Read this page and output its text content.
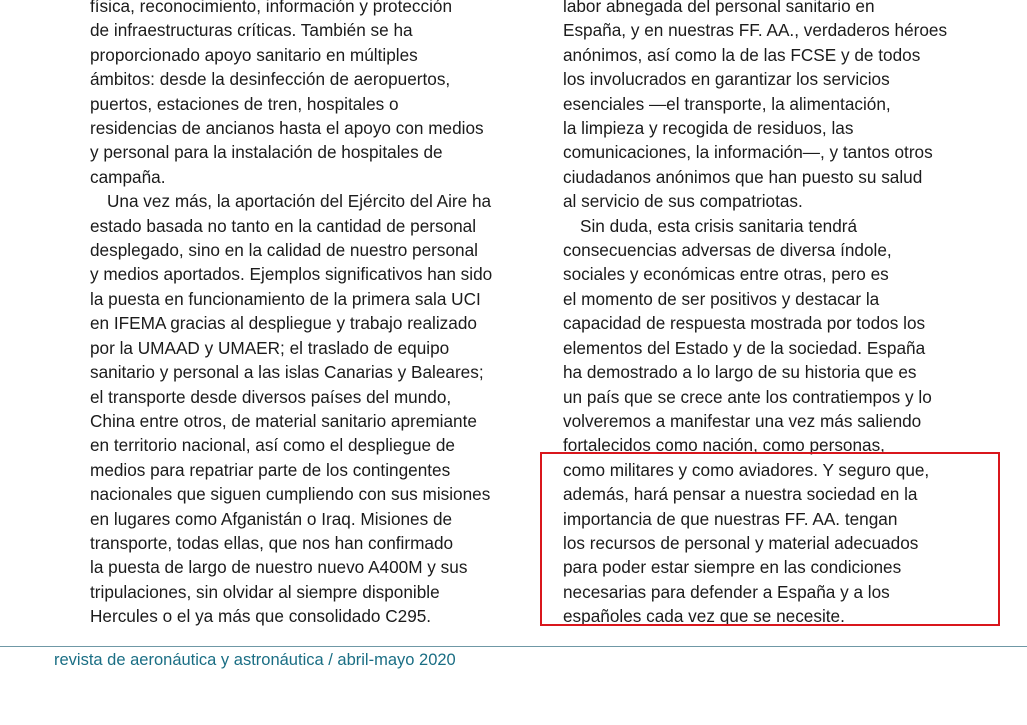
física, reconocimiento, información y protección
de infraestructuras críticas. También se ha
proporcionado apoyo sanitario en múltiples
ámbitos: desde la desinfección de aeropuertos,
puertos, estaciones de tren, hospitales o
residencias de ancianos hasta el apoyo con medios
y personal para la instalación de hospitales de
campaña.
Una vez más, la aportación del Ejército del Aire ha
estado basada no tanto en la cantidad de personal
desplegado, sino en la calidad de nuestro personal
y medios aportados. Ejemplos significativos han sido
la puesta en funcionamiento de la primera sala UCI
en IFEMA gracias al despliegue y trabajo realizado
por la UMAAD y UMAER; el traslado de equipo
sanitario y personal a las islas Canarias y Baleares;
el transporte desde diversos países del mundo,
China entre otros, de material sanitario apremiante
en territorio nacional, así como el despliegue de
medios para repatriar parte de los contingentes
nacionales que siguen cumpliendo con sus misiones
en lugares como Afganistán o Iraq. Misiones de
transporte, todas ellas, que nos han confirmado
la puesta de largo de nuestro nuevo A400M y sus
tripulaciones, sin olvidar al siempre disponible
Hercules o el ya más que consolidado C295.
labor abnegada del personal sanitario en
España, y en nuestras FF. AA., verdaderos héroes
anónimos, así como la de las FCSE y de todos
los involucrados en garantizar los servicios
esenciales —el transporte, la alimentación,
la limpieza y recogida de residuos, las
comunicaciones, la información—, y tantos otros
ciudadanos anónimos que han puesto su salud
al servicio de sus compatriotas.
Sin duda, esta crisis sanitaria tendrá
consecuencias adversas de diversa índole,
sociales y económicas entre otras, pero es
el momento de ser positivos y destacar la
capacidad de respuesta mostrada por todos los
elementos del Estado y de la sociedad. España
ha demostrado a lo largo de su historia que es
un país que se crece ante los contratiempos y lo
volveremos a manifestar una vez más saliendo
fortalecidos como nación, como personas,
como militares y como aviadores. Y seguro que,
además, hará pensar a nuestra sociedad en la
importancia de que nuestras FF. AA. tengan
los recursos de personal y material adecuados
para poder estar siempre en las condiciones
necesarias para defender a España y a los
españoles cada vez que se necesite.
revista de aeronáutica y astronáutica / abril-mayo 2020
